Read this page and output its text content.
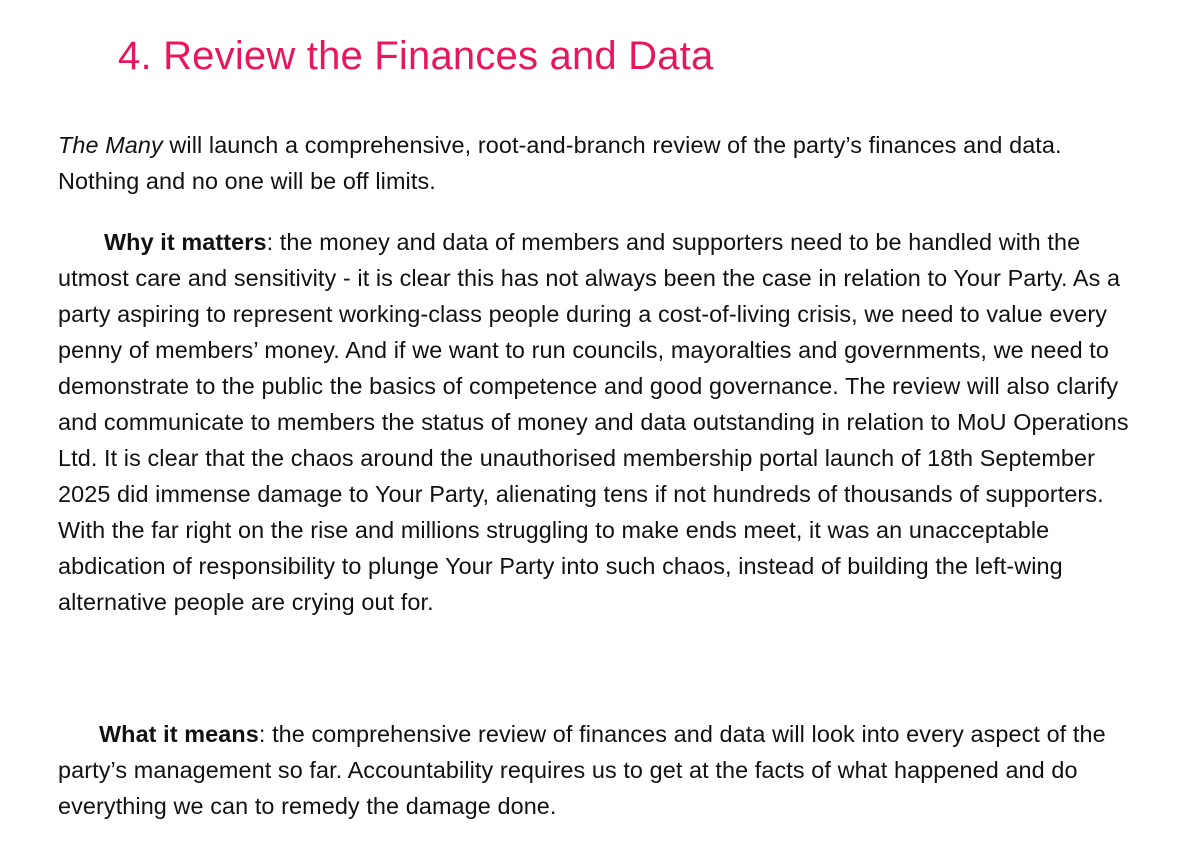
4. Review the Finances and Data

The Many will launch a comprehensive, root-and-branch review of the party’s finances and data. Nothing and no one will be off limits.

Why it matters: the money and data of members and supporters need to be handled with the utmost care and sensitivity - it is clear this has not always been the case in relation to Your Party. As a party aspiring to represent working-class people during a cost-of-living crisis, we need to value every penny of members’ money. And if we want to run councils, mayoralties and governments, we need to demonstrate to the public the basics of competence and good governance. The review will also clarify and communicate to members the status of money and data outstanding in relation to MoU Operations Ltd. It is clear that the chaos around the unauthorised membership portal launch of 18th September 2025 did immense damage to Your Party, alienating tens if not hundreds of thousands of supporters. With the far right on the rise and millions struggling to make ends meet, it was an unacceptable abdication of responsibility to plunge Your Party into such chaos, instead of building the left-wing alternative people are crying out for.

What it means: the comprehensive review of finances and data will look into every aspect of the party’s management so far. Accountability requires us to get at the facts of what happened and do everything we can to remedy the damage done.
